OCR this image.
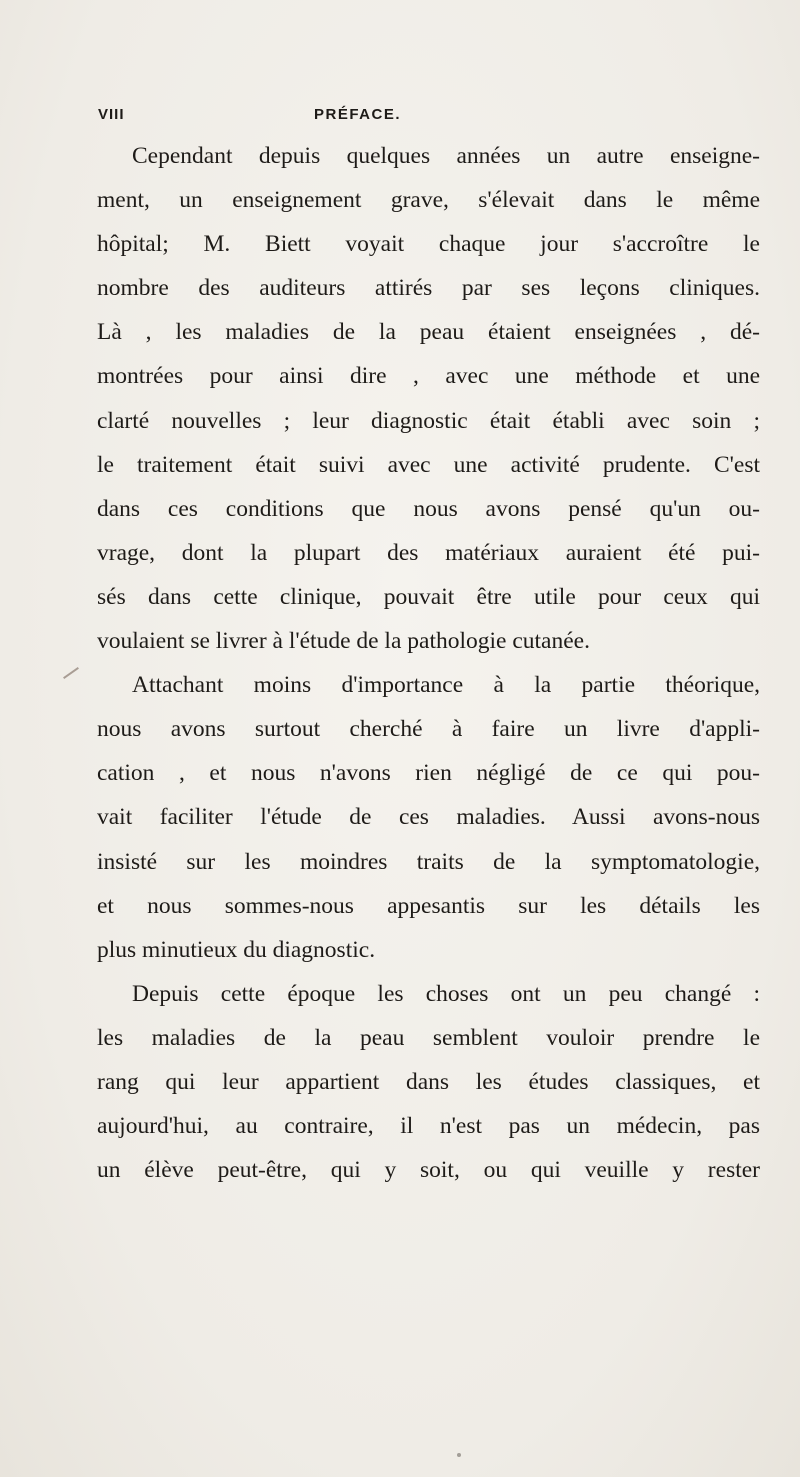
VIII	PRÉFACE.
Cependant depuis quelques années un autre enseigne-
ment, un enseignement grave, s'élevait dans le même
hôpital; M. Biett voyait chaque jour s'accroître le
nombre des auditeurs attirés par ses leçons cliniques.
Là , les maladies de la peau étaient enseignées , dé-
montrées pour ainsi dire , avec une méthode et une
clarté nouvelles ; leur diagnostic était établi avec soin ;
le traitement était suivi avec une activité prudente. C'est
dans ces conditions que nous avons pensé qu'un ou-
vrage, dont la plupart des matériaux auraient été pui-
sés dans cette clinique, pouvait être utile pour ceux qui
voulaient se livrer à l'étude de la pathologie cutanée.
Attachant moins d'importance à la partie théorique,
nous avons surtout cherché à faire un livre d'appli-
cation , et nous n'avons rien négligé de ce qui pou-
vait faciliter l'étude de ces maladies. Aussi avons-nous
insisté sur les moindres traits de la symptomatologie,
et nous sommes-nous appesantis sur les détails les
plus minutieux du diagnostic.
Depuis cette époque les choses ont un peu changé :
les maladies de la peau semblent vouloir prendre le
rang qui leur appartient dans les études classiques, et
aujourd'hui, au contraire, il n'est pas un médecin, pas
un élève peut-être, qui y soit, ou qui veuille y rester
